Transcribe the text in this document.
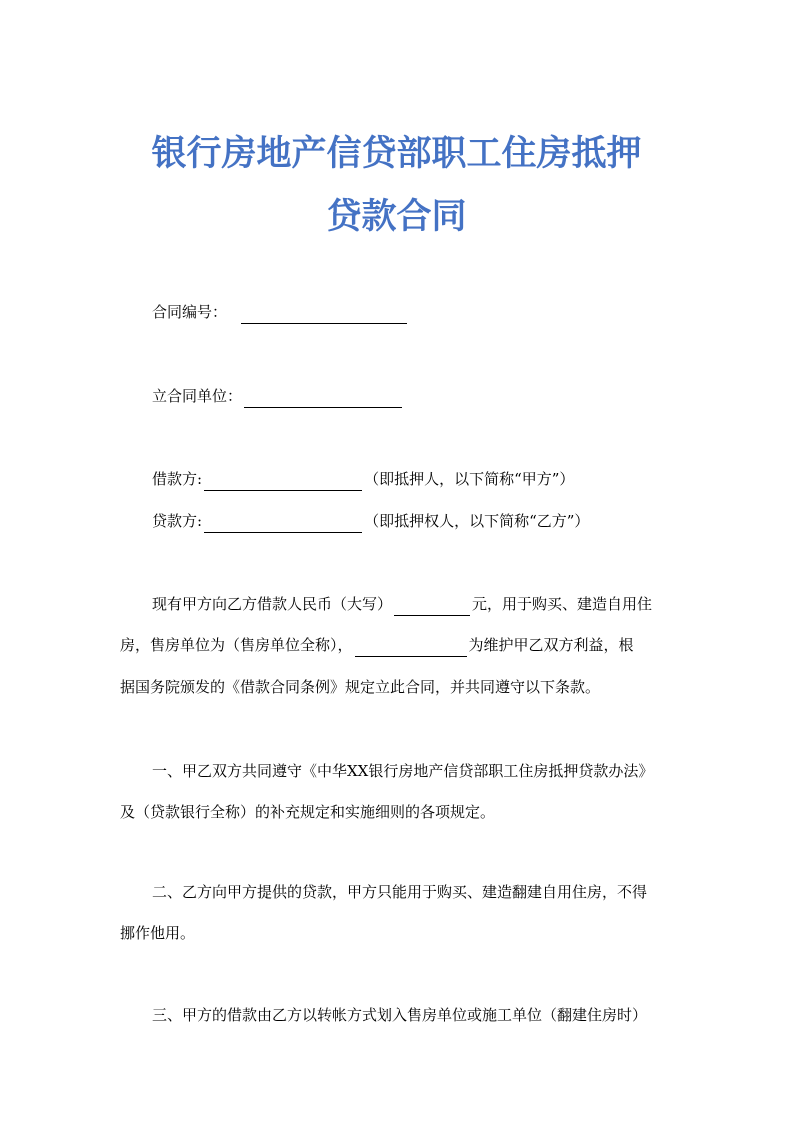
银行房地产信贷部职工住房抵押
贷款合同

合同编号：

立合同单位：

借款方:	（即抵押人，以下简称“甲方”）

贷款方:	（即抵押权人，以下简称“乙方”）

现有甲方向乙方借款人民币（大写）	元，用于购买、建造自用住

房，售房单位为（售房单位全称），	为维护甲乙双方利益，根

据国务院颁发的《借款合同条例》规定立此合同，并共同遵守以下条款。

一、甲乙双方共同遵守《中华XX银行房地产信贷部职工住房抵押贷款办法》

及（贷款银行全称）的补充规定和实施细则的各项规定。

二、乙方向甲方提供的贷款，甲方只能用于购买、建造翻建自用住房，不得

挪作他用。

三、甲方的借款由乙方以转帐方式划入售房单位或施工单位（翻建住房时）
